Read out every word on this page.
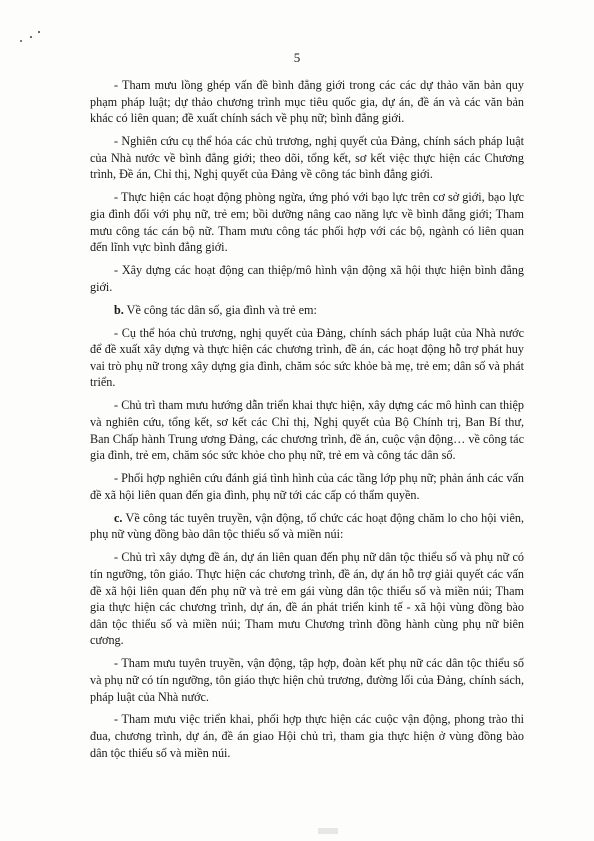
5

- Tham mưu lồng ghép vấn đề bình đẳng giới trong các các dự thảo văn bản quy phạm pháp luật; dự thảo chương trình mục tiêu quốc gia, dự án, đề án và các văn bản khác có liên quan; đề xuất chính sách về phụ nữ; bình đẳng giới.

- Nghiên cứu cụ thể hóa các chủ trương, nghị quyết của Đảng, chính sách pháp luật của Nhà nước về bình đẳng giới; theo dõi, tổng kết, sơ kết việc thực hiện các Chương trình, Đề án, Chỉ thị, Nghị quyết của Đảng về công tác bình đẳng giới.

- Thực hiện các hoạt động phòng ngừa, ứng phó với bạo lực trên cơ sở giới, bạo lực gia đình đối với phụ nữ, trẻ em; bồi dưỡng nâng cao năng lực về bình đẳng giới; Tham mưu công tác cán bộ nữ. Tham mưu công tác phối hợp với các bộ, ngành có liên quan đến lĩnh vực bình đẳng giới.

- Xây dựng các hoạt động can thiệp/mô hình vận động xã hội thực hiện bình đẳng giới.

b. Về công tác dân số, gia đình và trẻ em:

- Cụ thể hóa chủ trương, nghị quyết của Đảng, chính sách pháp luật của Nhà nước để đề xuất xây dựng và thực hiện các chương trình, đề án, các hoạt động hỗ trợ phát huy vai trò phụ nữ trong xây dựng gia đình, chăm sóc sức khỏe bà mẹ, trẻ em; dân số và phát triển.

- Chủ trì tham mưu hướng dẫn triển khai thực hiện, xây dựng các mô hình can thiệp và nghiên cứu, tổng kết, sơ kết các Chỉ thị, Nghị quyết của Bộ Chính trị, Ban Bí thư, Ban Chấp hành Trung ương Đảng, các chương trình, đề án, cuộc vận động… về công tác gia đình, trẻ em, chăm sóc sức khỏe cho phụ nữ, trẻ em và công tác dân số.

- Phối hợp nghiên cứu đánh giá tình hình của các tầng lớp phụ nữ; phản ánh các vấn đề xã hội liên quan đến gia đình, phụ nữ tới các cấp có thẩm quyền.

c. Về công tác tuyên truyền, vận động, tổ chức các hoạt động chăm lo cho hội viên, phụ nữ vùng đồng bào dân tộc thiểu số và miền núi:

- Chủ trì xây dựng đề án, dự án liên quan đến phụ nữ dân tộc thiểu số và phụ nữ có tín ngưỡng, tôn giáo. Thực hiện các chương trình, đề án, dự án hỗ trợ giải quyết các vấn đề xã hội liên quan đến phụ nữ và trẻ em gái vùng dân tộc thiểu số và miền núi; Tham gia thực hiện các chương trình, dự án, đề án phát triển kinh tế - xã hội vùng đồng bào dân tộc thiểu số và miền núi; Tham mưu Chương trình đồng hành cùng phụ nữ biên cương.

- Tham mưu tuyên truyền, vận động, tập hợp, đoàn kết phụ nữ các dân tộc thiểu số và phụ nữ có tín ngưỡng, tôn giáo thực hiện chủ trương, đường lối của Đảng, chính sách, pháp luật của Nhà nước.

- Tham mưu việc triển khai, phối hợp thực hiện các cuộc vận động, phong trào thi đua, chương trình, dự án, đề án giao Hội chủ trì, tham gia thực hiện ở vùng đồng bào dân tộc thiểu số và miền núi.
